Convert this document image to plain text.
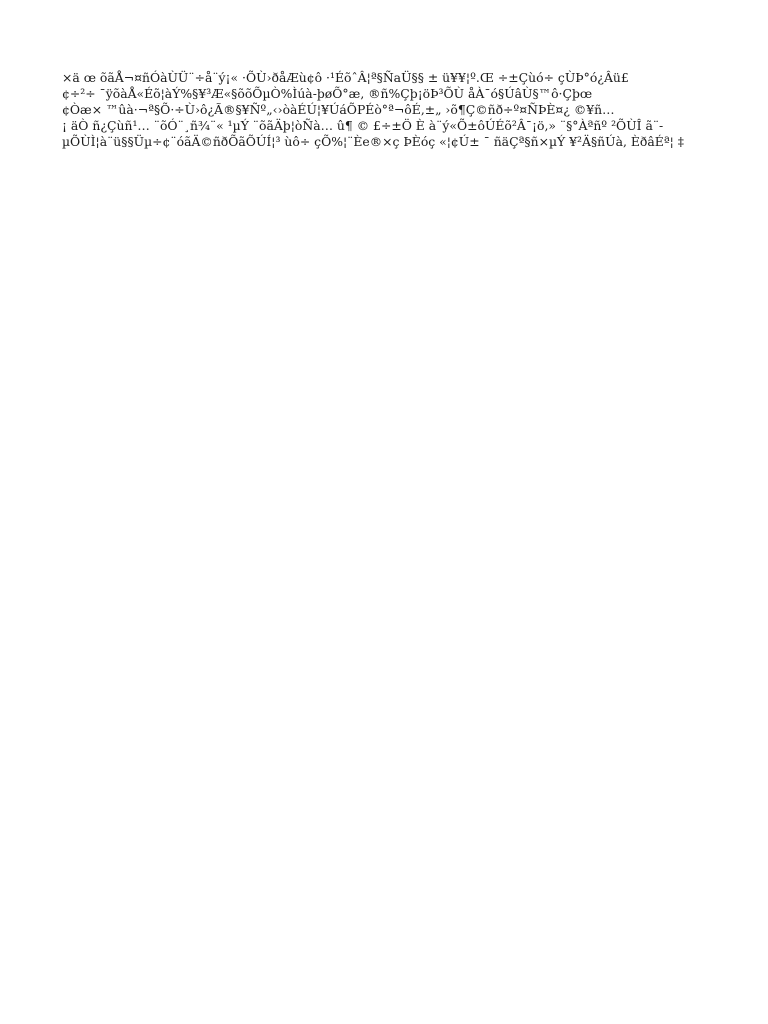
×ä œ õãÅ¬¤ñÓàÙÜ¨÷å¨ý¡« ·ÕÙ›ðåÆù¢ô ·¹ÉõˆÂ¦ª§ÑaÜ§§ ± ü¥¥¦º.Œ ÷±Çùó÷ çÙÞ°ó¿Âü£
¢÷²÷ ¯ÿõàÅ«Éõ¦àÝ%§¥³Æ«§õõÕµÒ%Ìúà-þøÕ°æ‚ ®ñ%Çþ¡öÞ³ÕÙ åÀ¯ó§ÚâÙ§™ô·Çþœ
¢Òæ× ™ûà·¬ª§Õ·÷Ù›ô¿Ã®§¥Ñº„‹›òàÉÚ¦¥ÚáÕPÉò°ª¬ôÉ‚±„ ›õ¶Ç©ñð÷º¤ÑÞÈ¤¿ ©¥ñ…
¡ äÒ ñ¿Çùñ¹… ¨õÓ¨¸ñ¾¨« ¹µÝ ¨õãÄþ¦òÑà… û¶ © £÷±Ö È à¨ý«Õ±ôÚÉõ²Â¯¡ö,» ¨§°Àªñº ²ÕÙÎ ã¨-
µÕÙÌ¦à¨ü§§Üµ÷¢¨óãÄ©ñðÕãÕÚÍ¦³ ùô÷ çÕ%¦¨Èe®×ç ÞÈóç «¦¢Ú± ¯ ñäÇª§ñ×µÝ ¥²Ä§ñÚà, ÈðâÉª¦ ‡
